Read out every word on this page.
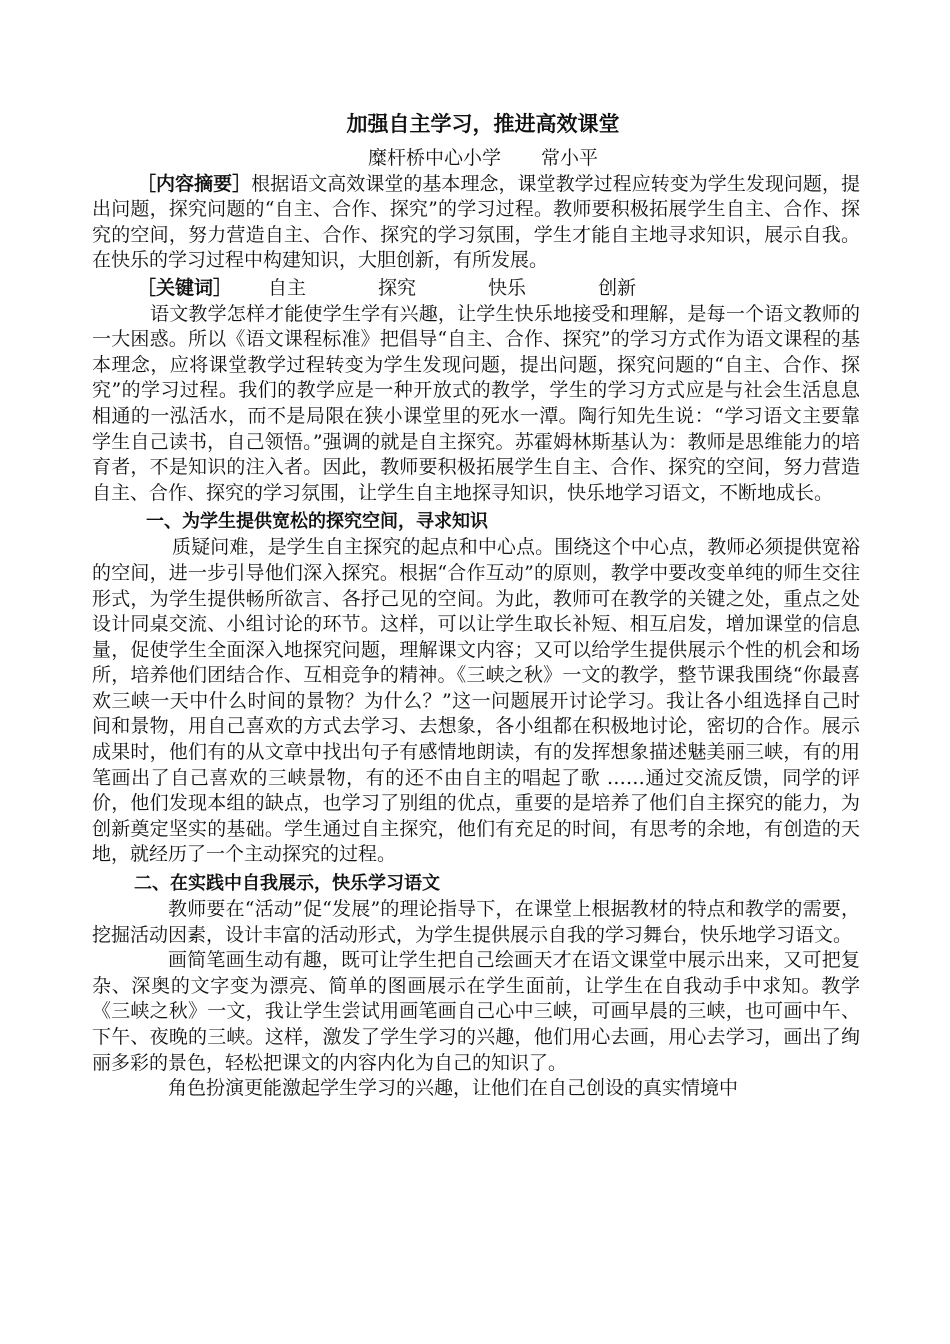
加强自主学习，推进高效课堂
糜杆桥中心小学 常小平

［内容摘要］根据语文高效课堂的基本理念，课堂教学过程应转变为学生发现问题，提出问题，探究问题的“自主、合作、探究”的学习过程。教师要积极拓展学生自主、合作、探究的空间，努力营造自主、合作、探究的学习氛围，学生才能自主地寻求知识，展示自我。在快乐的学习过程中构建知识，大胆创新，有所发展。

［关键词］ 自主	探究	快乐	创新

语文教学怎样才能使学生学有兴趣，让学生快乐地接受和理解，是每一个语文教师的一大困惑。所以《语文课程标准》把倡导“自主、合作、探究”的学习方式作为语文课程的基本理念，应将课堂教学过程转变为学生发现问题，提出问题，探究问题的“自主、合作、探究”的学习过程。我们的教学应是一种开放式的教学，学生的学习方式应是与社会生活息息相通的一泓活水，而不是局限在狭小课堂里的死水一潭。陶行知先生说：“学习语文主要靠学生自己读书，自己领悟。”强调的就是自主探究。苏霍姆林斯基认为：教师是思维能力的培育者，不是知识的注入者。因此，教师要积极拓展学生自主、合作、探究的空间，努力营造自主、合作、探究的学习氛围，让学生自主地探寻知识，快乐地学习语文，不断地成长。

一、为学生提供宽松的探究空间，寻求知识

质疑问难，是学生自主探究的起点和中心点。围绕这个中心点，教师必须提供宽裕的空间，进一步引导他们深入探究。根据“合作互动”的原则，教学中要改变单纯的师生交往形式，为学生提供畅所欲言、各抒己见的空间。为此，教师可在教学的关键之处，重点之处设计同桌交流、小组讨论的环节。这样，可以让学生取长补短、相互启发，增加课堂的信息量，促使学生全面深入地探究问题，理解课文内容；又可以给学生提供展示个性的机会和场所，培养他们团结合作、互相竞争的精神。《三峡之秋》一文的教学，整节课我围绕“你最喜欢三峡一天中什么时间的景物？为什么？”这一问题展开讨论学习。我让各小组选择自己时间和景物，用自己喜欢的方式去学习、去想象，各小组都在积极地讨论，密切的合作。展示成果时，他们有的从文章中找出句子有感情地朗读，有的发挥想象描述魅美丽三峡，有的用笔画出了自己喜欢的三峡景物，有的还不由自主的唱起了歌 ……通过交流反馈，同学的评价，他们发现本组的缺点，也学习了别组的优点，重要的是培养了他们自主探究的能力，为创新奠定坚实的基础。学生通过自主探究，他们有充足的时间，有思考的余地，有创造的天地，就经历了一个主动探究的过程。

二、在实践中自我展示，快乐学习语文

教师要在“活动”促“发展”的理论指导下，在课堂上根据教材的特点和教学的需要，挖掘活动因素，设计丰富的活动形式，为学生提供展示自我的学习舞台，快乐地学习语文。

画简笔画生动有趣，既可让学生把自己绘画天才在语文课堂中展示出来，又可把复杂、深奥的文字变为漂亮、简单的图画展示在学生面前，让学生在自我动手中求知。教学《三峡之秋》一文，我让学生尝试用画笔画自己心中三峡，可画早晨的三峡，也可画中午、下午、夜晚的三峡。这样，激发了学生学习的兴趣，他们用心去画，用心去学习，画出了绚丽多彩的景色，轻松把课文的内容内化为自己的知识了。

角色扮演更能激起学生学习的兴趣，让他们在自己创设的真实情境中
